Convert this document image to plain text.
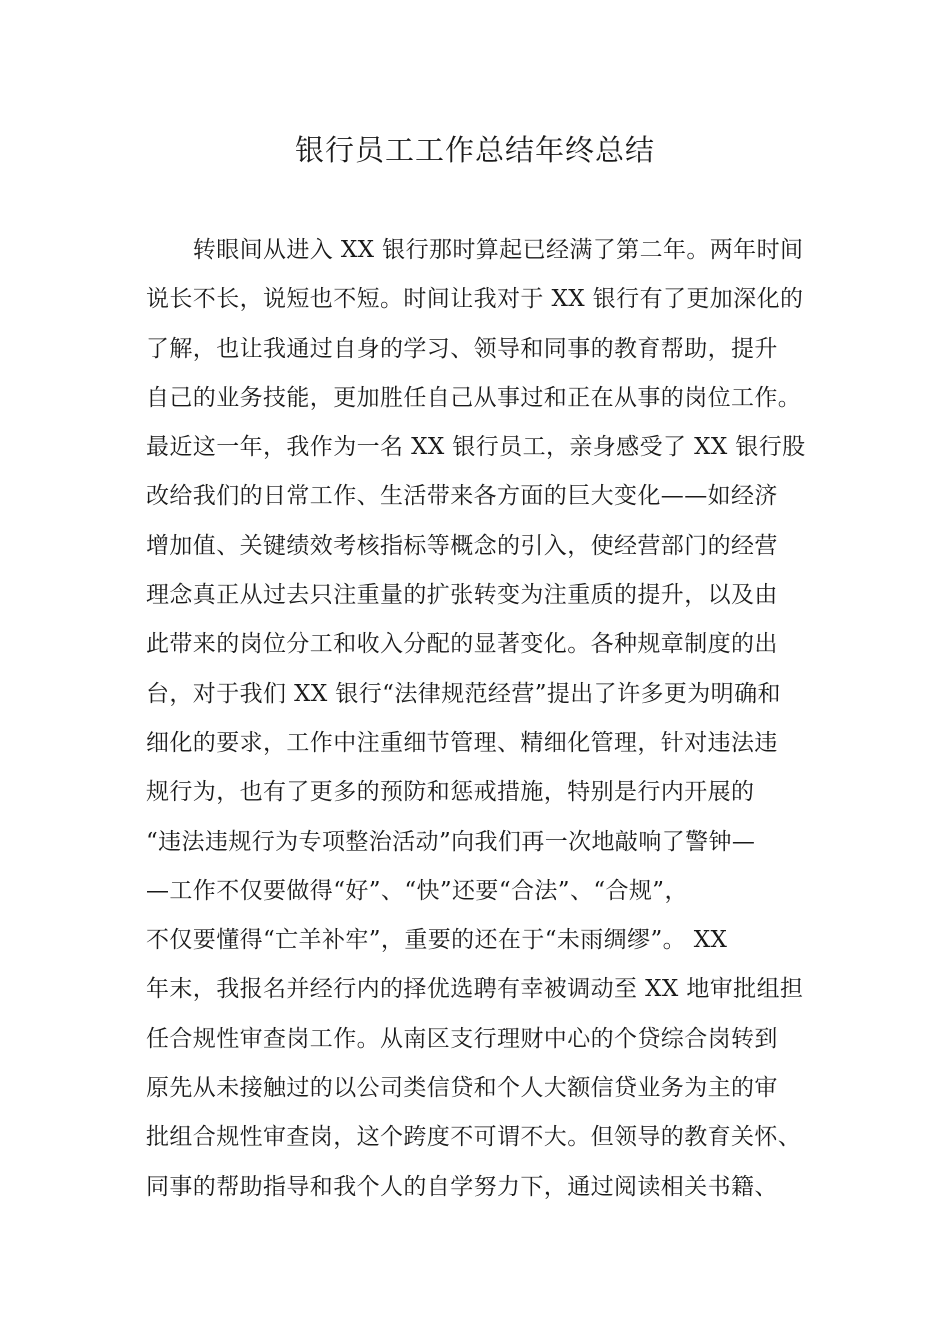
银行员工工作总结年终总结
　　转眼间从进入 XX 银行那时算起已经满了第二年。两年时间
说长不长，说短也不短。时间让我对于 XX 银行有了更加深化的
了解，也让我通过自身的学习、领导和同事的教育帮助，提升
自己的业务技能，更加胜任自己从事过和正在从事的岗位工作。
最近这一年，我作为一名 XX 银行员工，亲身感受了 XX 银行股
改给我们的日常工作、生活带来各方面的巨大变化——如经济
增加值、关键绩效考核指标等概念的引入，使经营部门的经营
理念真正从过去只注重量的扩张转变为注重质的提升，以及由
此带来的岗位分工和收入分配的显著变化。各种规章制度的出
台，对于我们 XX 银行“法律规范经营”提出了许多更为明确和
细化的要求，工作中注重细节管理、精细化管理，针对违法违
规行为，也有了更多的预防和惩戒措施，特别是行内开展的
“违法违规行为专项整治活动”向我们再一次地敲响了警钟—
—工作不仅要做得“好”、“快”还要“合法”、“合规”，
不仅要懂得“亡羊补牢”，重要的还在于“未雨绸缪”。 XX
年末，我报名并经行内的择优选聘有幸被调动至 XX 地审批组担
任合规性审查岗工作。从南区支行理财中心的个贷综合岗转到
原先从未接触过的以公司类信贷和个人大额信贷业务为主的审
批组合规性审查岗，这个跨度不可谓不大。但领导的教育关怀、
同事的帮助指导和我个人的自学努力下，通过阅读相关书籍、
